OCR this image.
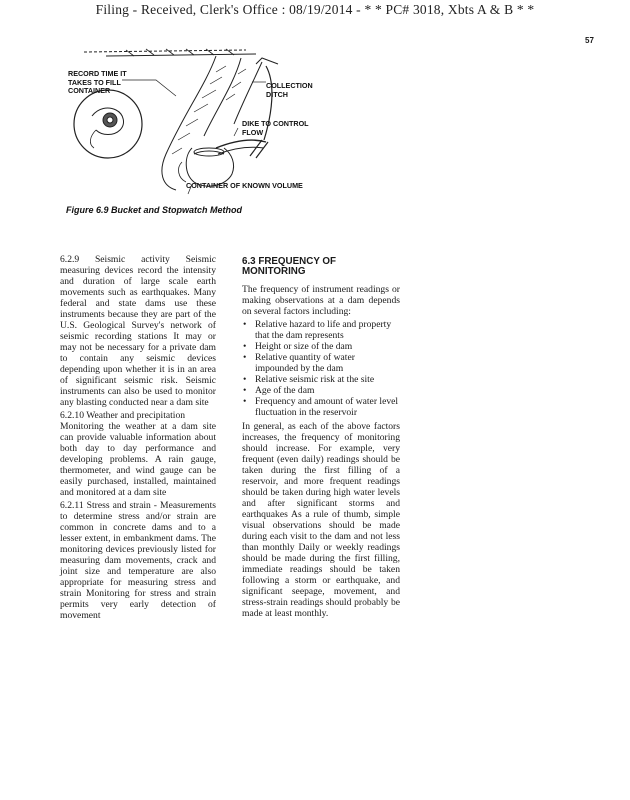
Filing - Received, Clerk's Office : 08/19/2014 - * * PC# 3018, Xbts A & B * *
57
RECORD TIME IT TAKES TO FILL CONTAINER
COLLECTION DITCH
DIKE TO CONTROL FLOW
CONTAINER OF KNOWN VOLUME
Figure 6.9 Bucket and Stopwatch Method

6.2.9 Seismic activity Seismic measuring devices record the intensity and duration of large scale earth movements such as earthquakes. Many federal and state dams use these instruments because they are part of the U.S. Geological Survey's network of seismic recording stations It may or may not be necessary for a private dam to contain any seismic devices depending upon whether it is in an area of significant seismic risk. Seismic instruments can also be used to monitor any blasting conducted near a dam site

6.2.10 Weather and precipitation
Monitoring the weather at a dam site can provide valuable information about both day to day performance and developing problems. A rain gauge, thermometer, and wind gauge can be easily purchased, installed, maintained and monitored at a dam site

6.2.11 Stress and strain - Measurements to determine stress and/or strain are common in concrete dams and to a lesser extent, in embankment dams. The monitoring devices previously listed for measuring dam movements, crack and joint size and temperature are also appropriate for measuring stress and strain Monitoring for stress and strain permits very early detection of movement

6.3 FREQUENCY OF MONITORING

The frequency of instrument readings or making observations at a dam depends on several factors including:

• Relative hazard to life and property that the dam represents
• Height or size of the dam
• Relative quantity of water impounded by the dam
• Relative seismic risk at the site
• Age of the dam
• Frequency and amount of water level fluctuation in the reservoir

In general, as each of the above factors increases, the frequency of monitoring should increase. For example, very frequent (even daily) readings should be taken during the first filling of a reservoir, and more frequent readings should be taken during high water levels and after significant storms and earthquakes As a rule of thumb, simple visual observations should be made during each visit to the dam and not less than monthly Daily or weekly readings should be made during the first filling, immediate readings should be taken following a storm or earthquake, and significant seepage, movement, and stress-strain readings should probably be made at least monthly.
